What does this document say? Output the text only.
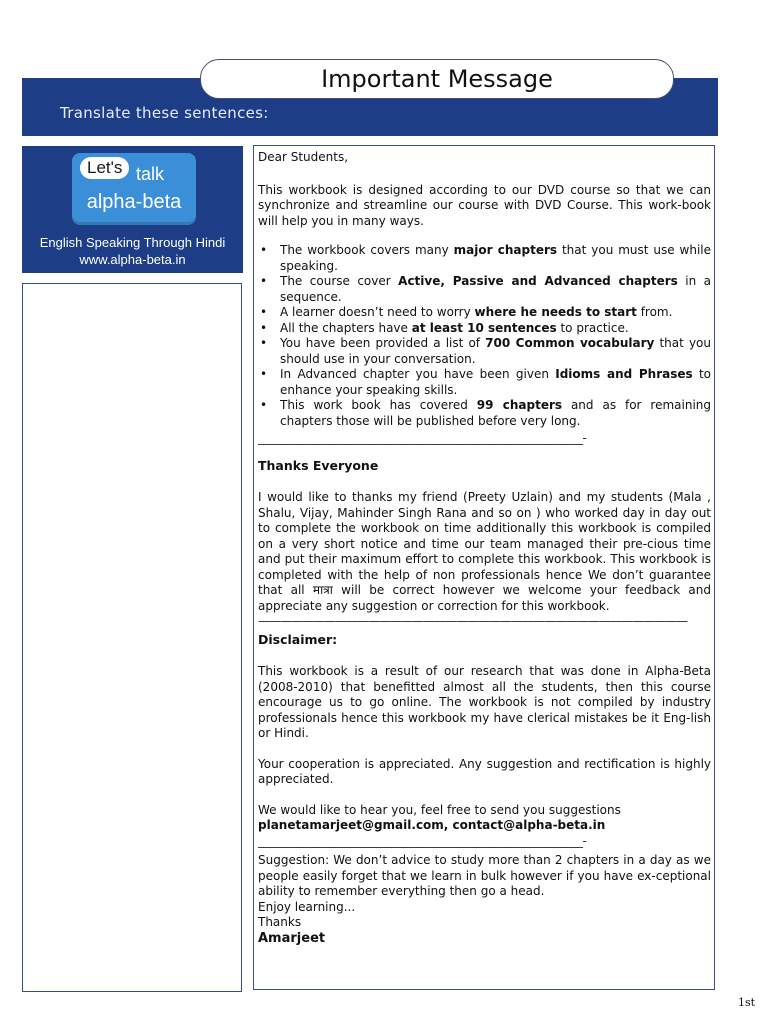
Translate these sentences:
Important Message
Let's talk
alpha-beta
English Speaking Through Hindi
www.alpha-beta.in

Dear Students,

This workbook is designed according to our DVD course so that we can synchronize and streamline our course with DVD Course. This work-book will help you in many ways.

• The workbook covers many major chapters that you must use while speaking.
• The course cover Active, Passive and Advanced chapters in a sequence.
• A learner doesn’t need to worry where he needs to start from.
• All the chapters have at least 10 sentences to practice.
• You have been provided a list of 700 Common vocabulary that you should use in your conversation.
• In Advanced chapter you have been given Idioms and Phrases to enhance your speaking skills.
• This work book has covered 99 chapters and as for remaining chapters those will be published before very long.
___________________________________________________________-

Thanks Everyone

I would like to thanks my friend (Preety Uzlain) and my students (Mala , Shalu, Vijay, Mahinder Singh Rana and so on ) who worked day in day out to complete the workbook on time additionally this workbook is compiled on a very short notice and time our team managed their pre-cious time and put their maximum effort to complete this workbook. This workbook is completed with the help of non professionals hence We don’t guarantee that all मात्रा will be correct however we welcome your feedback and appreciate any suggestion or correction for this workbook.

———————————————————————————————————————

Disclaimer:

This workbook is a result of our research that was done in Alpha-Beta (2008-2010) that benefitted almost all the students, then this course encourage us to go online. The workbook is not compiled by industry professionals hence this workbook my have clerical mistakes be it Eng-lish or Hindi.

Your cooperation is appreciated. Any suggestion and rectification is highly appreciated.

We would like to hear you, feel free to send you suggestions

planetamarjeet@gmail.com, contact@alpha-beta.in

___________________________________________________________-

Suggestion: We don’t advice to study more than 2 chapters in a day as we people easily forget that we learn in bulk however if you have ex-ceptional ability to remember everything then go a head.

Enjoy learning...

Thanks

Amarjeet

1st
